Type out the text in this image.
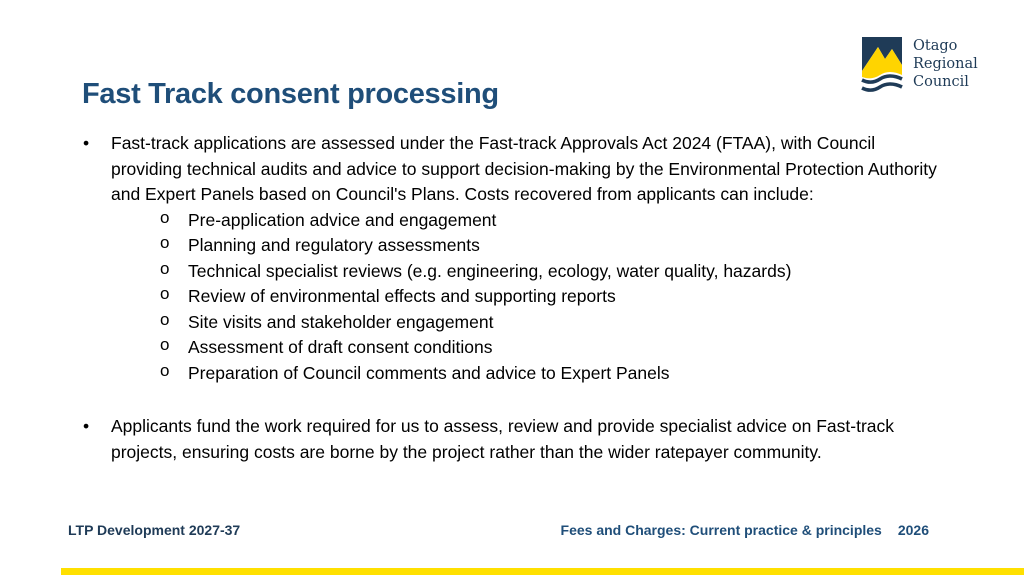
Otago
Regional
Council
Fast Track consent processing
• Fast-track applications are assessed under the Fast-track Approvals Act 2024 (FTAA), with Council providing technical audits and advice to support decision-making by the Environmental Protection Authority and Expert Panels based on Council's Plans. Costs recovered from applicants can include:
o Pre-application advice and engagement
o Planning and regulatory assessments
o Technical specialist reviews (e.g. engineering, ecology, water quality, hazards)
o Review of environmental effects and supporting reports
o Site visits and stakeholder engagement
o Assessment of draft consent conditions
o Preparation of Council comments and advice to Expert Panels
• Applicants fund the work required for us to assess, review and provide specialist advice on Fast-track projects, ensuring costs are borne by the project rather than the wider ratepayer community.
LTP Development 2027-37	Fees and Charges: Current practice & principles 2026
